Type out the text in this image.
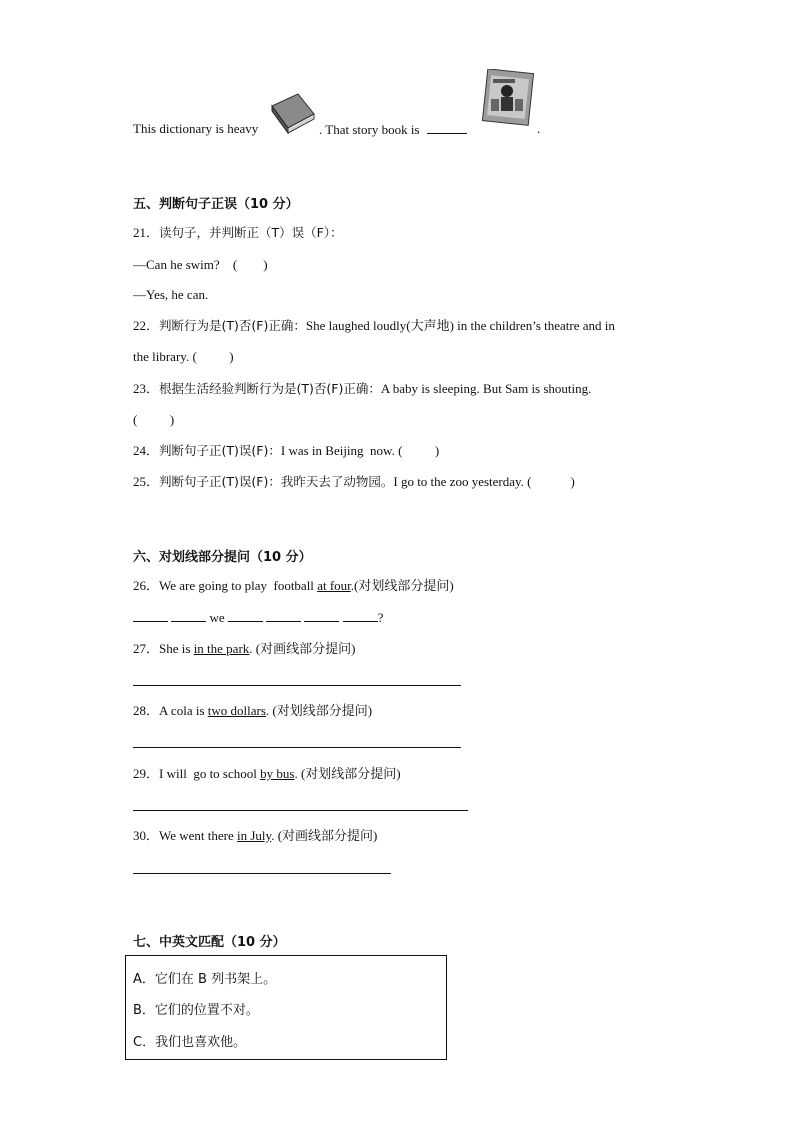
This dictionary is heavy	. That story book is	.
五、判断句子正误（10 分）
21．读句子，并判断正（T）误（F）：
—Can he swim? (        )
—Yes, he can.
22．判断行为是(T)否(F)正确：She laughed loudly(大声地) in the children’s theatre and in
the library. (          )
23．根据生活经验判断行为是(T)否(F)正确：A baby is sleeping. But Sam is shouting.
(          )
24．判断句子正(T)误(F)：I was in Beijing  now. (          )
25．判断句子正(T)误(F)：我昨天去了动物园。I go to the zoo yesterday. (            )
六、对划线部分提问（10 分）
26．We are going to play  football at four.(对划线部分提问)
we	?
27．She is in the park. (对画线部分提问)
28．A cola is two dollars. (对划线部分提问)
29．I will  go to school by bus. (对划线部分提问)
30．We went there in July. (对画线部分提问)
七、中英文匹配（10 分）
A．它们在 B 列书架上。
B．它们的位置不对。
C．我们也喜欢他。
